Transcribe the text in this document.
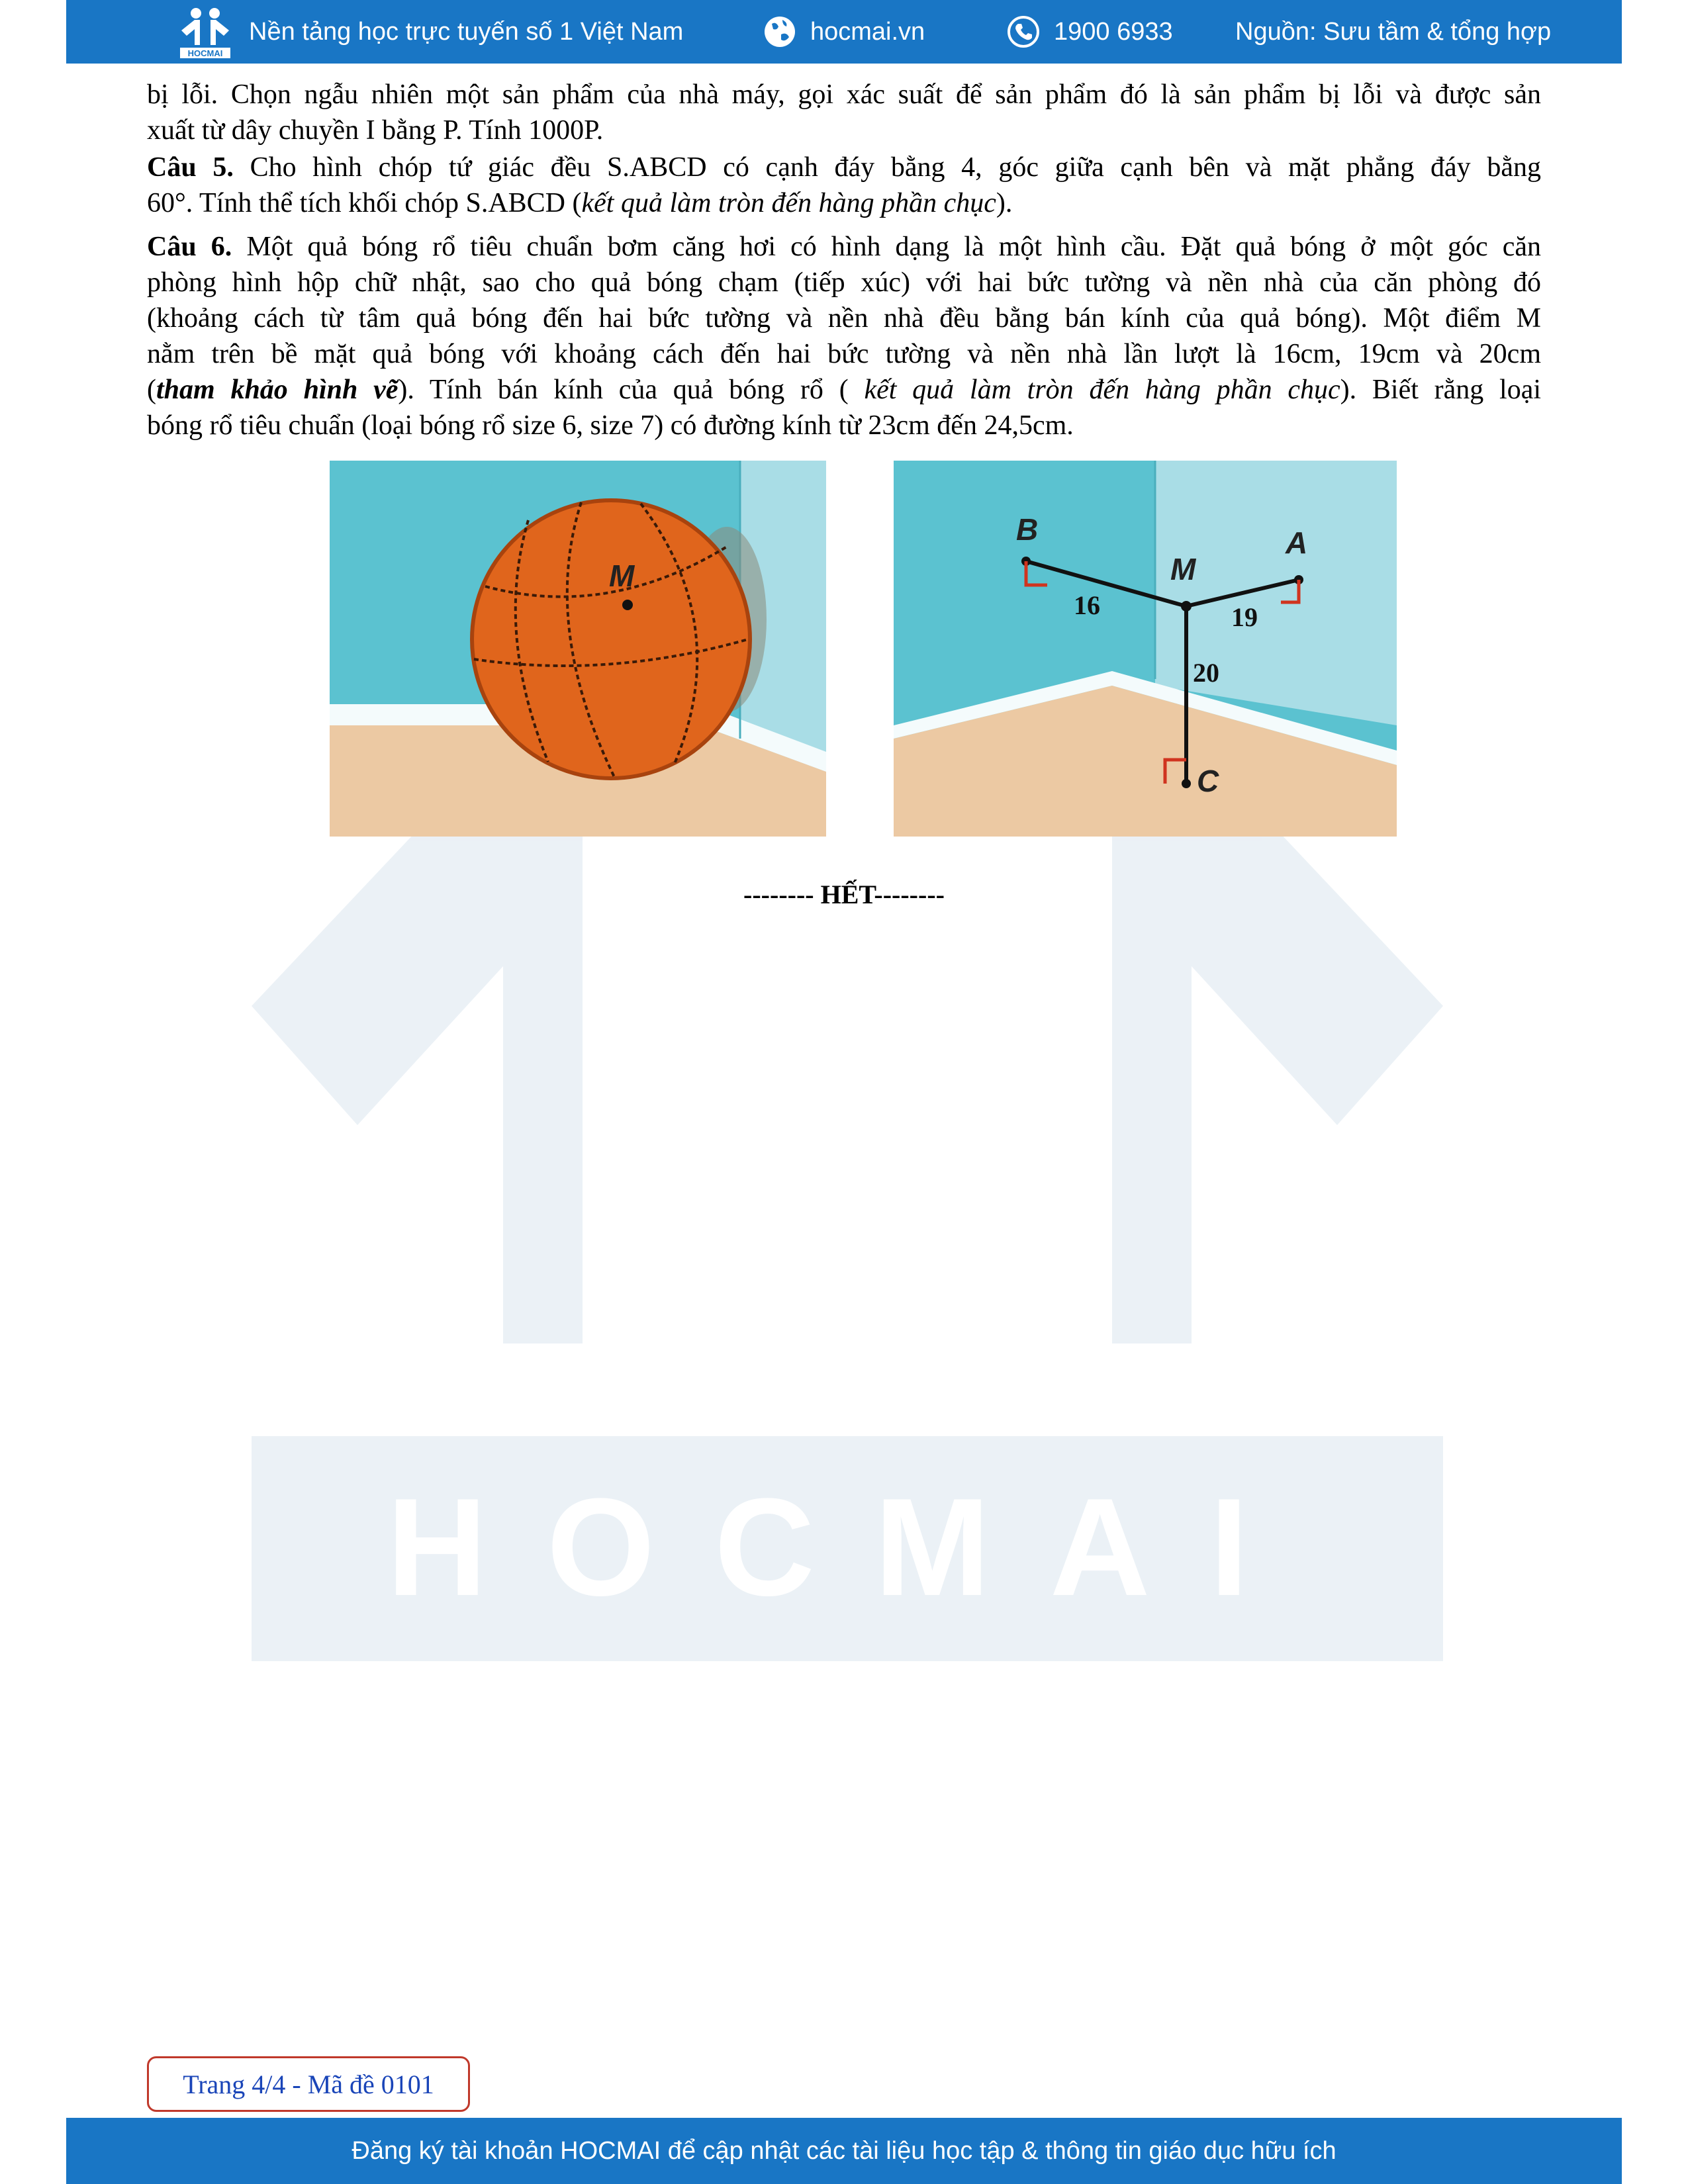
HOCMAI
HOCMAI
Nền tảng học trực tuyến số 1 Việt Nam	hocmai.vn	1900 6933 Nguồn: Sưu tầm & tổng hợp
bị lỗi. Chọn ngẫu nhiên một sản phẩm của nhà máy, gọi xác suất để sản phẩm đó là sản phẩm bị lỗi và được sản
xuất từ dây chuyền I bằng P. Tính 1000P.
Câu 5. Cho hình chóp tứ giác đều S.ABCD có cạnh đáy bằng 4, góc giữa cạnh bên và mặt phẳng đáy bằng
60°. Tính thể tích khối chóp S.ABCD (kết quả làm tròn đến hàng phần chục).
Câu 6. Một quả bóng rổ tiêu chuẩn bơm căng hơi có hình dạng là một hình cầu. Đặt quả bóng ở một góc căn
phòng hình hộp chữ nhật, sao cho quả bóng chạm (tiếp xúc) với hai bức tường và nền nhà của căn phòng đó
(khoảng cách từ tâm quả bóng đến hai bức tường và nền nhà đều bằng bán kính của quả bóng). Một điểm M
nằm trên bề mặt quả bóng với khoảng cách đến hai bức tường và nền nhà lần lượt là 16cm, 19cm và 20cm
(tham khảo hình vẽ). Tính bán kính của quả bóng rổ ( kết quả làm tròn đến hàng phần chục). Biết rằng loại
bóng rổ tiêu chuẩn (loại bóng rổ size 6, size 7) có đường kính từ 23cm đến 24,5cm.
M
B	A
M
C
16	19
20
-------- HẾT--------
Trang 4/4 - Mã đề 0101
Đăng ký tài khoản HOCMAI để cập nhật các tài liệu học tập & thông tin giáo dục hữu ích
